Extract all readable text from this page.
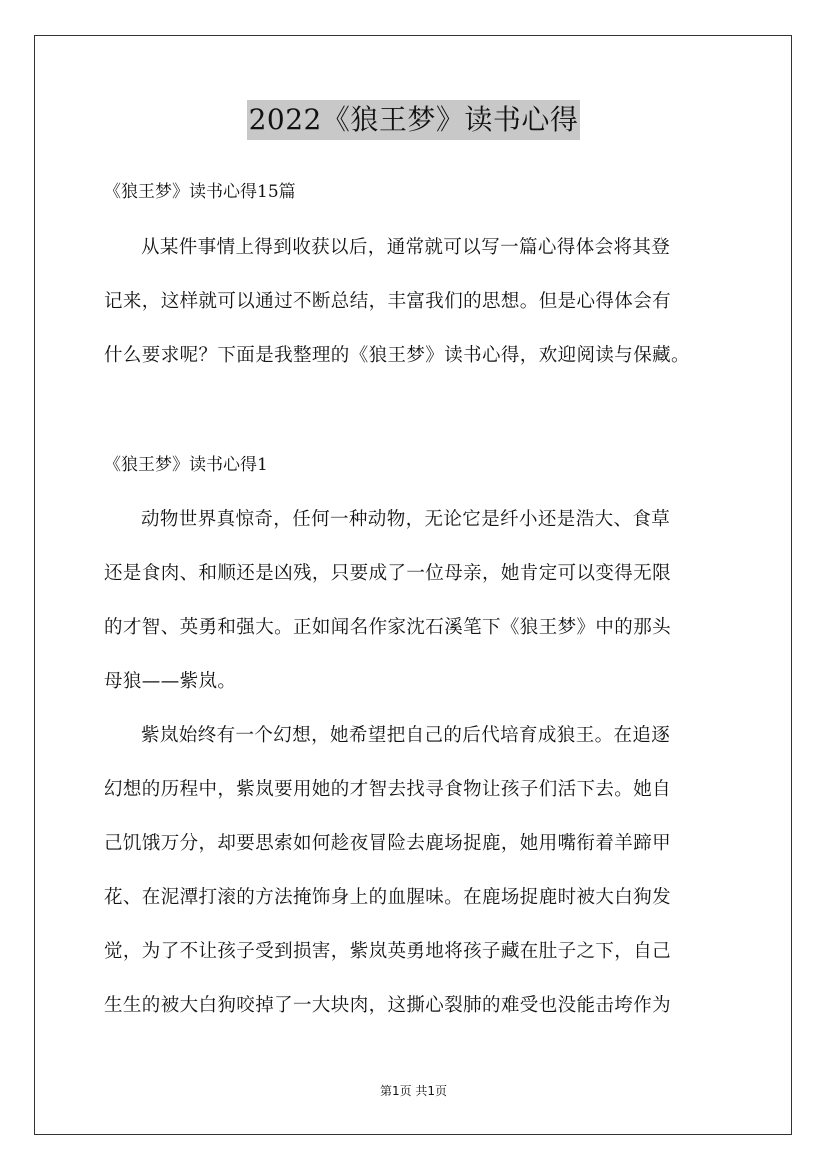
2022《狼王梦》读书心得
《狼王梦》读书心得15篇
从某件事情上得到收获以后，通常就可以写一篇心得体会将其登
记来，这样就可以通过不断总结，丰富我们的思想。但是心得体会有
什么要求呢？下面是我整理的《狼王梦》读书心得，欢迎阅读与保藏。
《狼王梦》读书心得1
动物世界真惊奇，任何一种动物，无论它是纤小还是浩大、食草
还是食肉、和顺还是凶残，只要成了一位母亲，她肯定可以变得无限
的才智、英勇和强大。正如闻名作家沈石溪笔下《狼王梦》中的那头
母狼——紫岚。
紫岚始终有一个幻想，她希望把自己的后代培育成狼王。在追逐
幻想的历程中，紫岚要用她的才智去找寻食物让孩子们活下去。她自
己饥饿万分，却要思索如何趁夜冒险去鹿场捉鹿，她用嘴衔着羊蹄甲
花、在泥潭打滚的方法掩饰身上的血腥味。在鹿场捉鹿时被大白狗发
觉，为了不让孩子受到损害，紫岚英勇地将孩子藏在肚子之下，自己
生生的被大白狗咬掉了一大块肉，这撕心裂肺的难受也没能击垮作为
第1页 共1页
